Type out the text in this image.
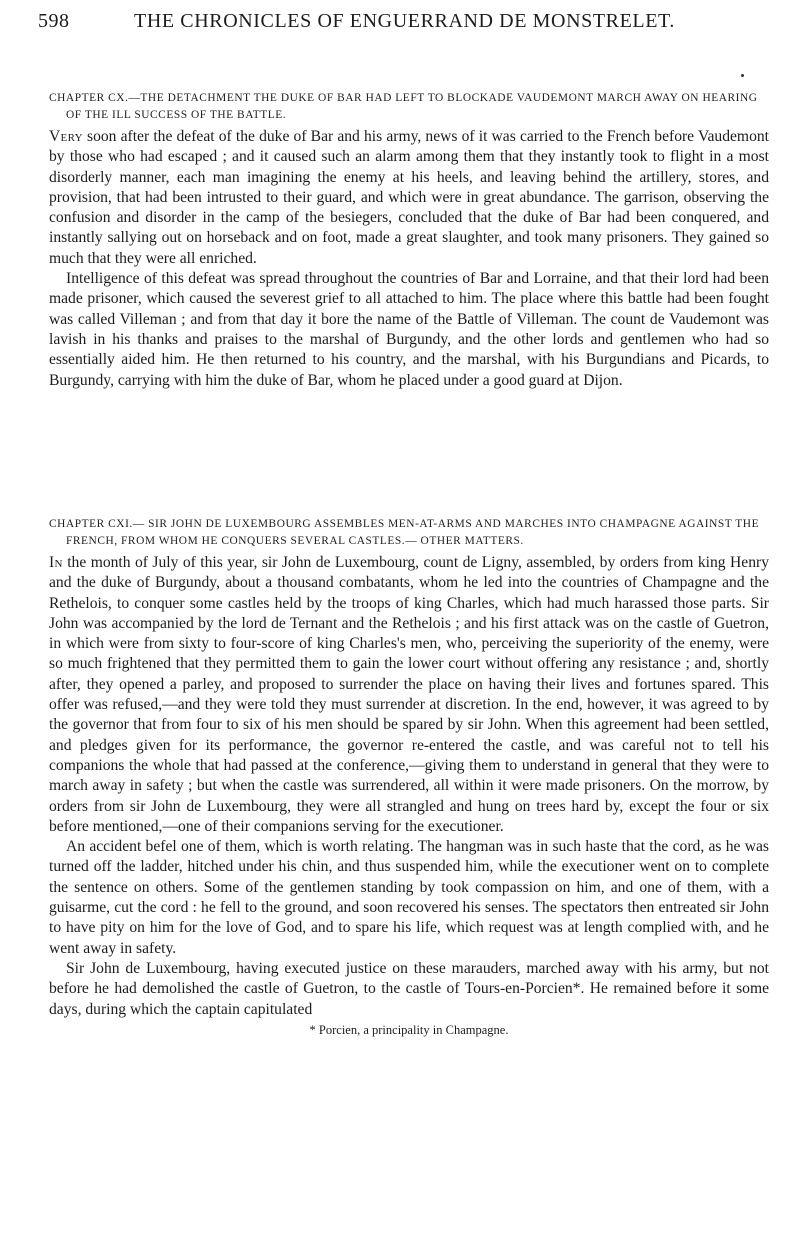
598	THE CHRONICLES OF ENGUERRAND DE MONSTRELET.
CHAPTER CX.—THE DETACHMENT THE DUKE OF BAR HAD LEFT TO BLOCKADE VAUDEMONT MARCH AWAY ON HEARING OF THE ILL SUCCESS OF THE BATTLE.

Very soon after the defeat of the duke of Bar and his army, news of it was carried to the French before Vaudemont by those who had escaped ; and it caused such an alarm among them that they instantly took to flight in a most disorderly manner, each man imagining the enemy at his heels, and leaving behind the artillery, stores, and provision, that had been intrusted to their guard, and which were in great abundance. The garrison, observing the confusion and disorder in the camp of the besiegers, concluded that the duke of Bar had been conquered, and instantly sallying out on horseback and on foot, made a great slaughter, and took many prisoners. They gained so much that they were all enriched.

Intelligence of this defeat was spread throughout the countries of Bar and Lorraine, and that their lord had been made prisoner, which caused the severest grief to all attached to him. The place where this battle had been fought was called Villeman ; and from that day it bore the name of the Battle of Villeman. The count de Vaudemont was lavish in his thanks and praises to the marshal of Burgundy, and the other lords and gentlemen who had so essentially aided him. He then returned to his country, and the marshal, with his Burgundians and Picards, to Burgundy, carrying with him the duke of Bar, whom he placed under a good guard at Dijon.

CHAPTER CXI.— SIR JOHN DE LUXEMBOURG ASSEMBLES MEN-AT-ARMS AND MARCHES INTO CHAMPAGNE AGAINST THE FRENCH, FROM WHOM HE CONQUERS SEVERAL CASTLES.— OTHER MATTERS.

In the month of July of this year, sir John de Luxembourg, count de Ligny, assembled, by orders from king Henry and the duke of Burgundy, about a thousand combatants, whom he led into the countries of Champagne and the Rethelois, to conquer some castles held by the troops of king Charles, which had much harassed those parts. Sir John was accompanied by the lord de Ternant and the Rethelois ; and his first attack was on the castle of Guetron, in which were from sixty to four-score of king Charles's men, who, perceiving the superiority of the enemy, were so much frightened that they permitted them to gain the lower court without offering any resistance ; and, shortly after, they opened a parley, and proposed to surrender the place on having their lives and fortunes spared. This offer was refused,—and they were told they must surrender at discretion. In the end, however, it was agreed to by the governor that from four to six of his men should be spared by sir John. When this agreement had been settled, and pledges given for its performance, the governor re-entered the castle, and was careful not to tell his companions the whole that had passed at the conference,—giving them to understand in general that they were to march away in safety ; but when the castle was surrendered, all within it were made prisoners. On the morrow, by orders from sir John de Luxembourg, they were all strangled and hung on trees hard by, except the four or six before mentioned,—one of their companions serving for the executioner.

An accident befel one of them, which is worth relating. The hangman was in such haste that the cord, as he was turned off the ladder, hitched under his chin, and thus suspended him, while the executioner went on to complete the sentence on others. Some of the gentlemen standing by took compassion on him, and one of them, with a guisarme, cut the cord : he fell to the ground, and soon recovered his senses. The spectators then entreated sir John to have pity on him for the love of God, and to spare his life, which request was at length complied with, and he went away in safety.

Sir John de Luxembourg, having executed justice on these marauders, marched away with his army, but not before he had demolished the castle of Guetron, to the castle of Tours-en-Porcien*. He remained before it some days, during which the captain capitulated

* Porcien, a principality in Champagne.
